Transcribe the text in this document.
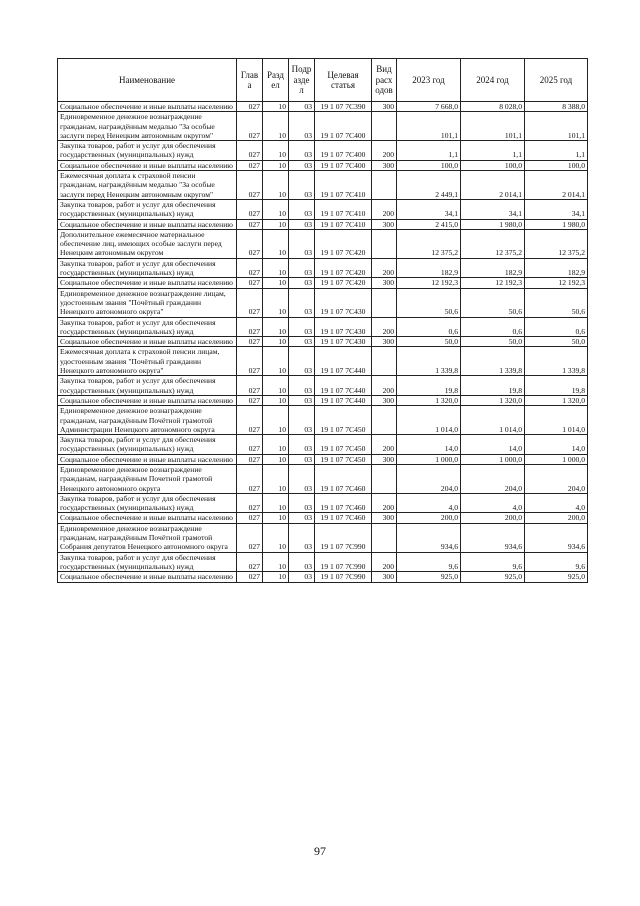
Наименование	Глав а	Разд ел	Подр азде л	Целевая статья	Вид расх одов	2023 год	2024 год	2025 год
Социальное обеспечение и иные выплаты населению	027	10	03	19 1 07 7С390	300	7 668,0	8 028,0	8 388,0
Единовременное денежное вознаграждение гражданам, награждённым медалью "За особые заслуги перед Ненецким автономным округом"	027	10	03	19 1 07 7С400		101,1	101,1	101,1
Закупка товаров, работ и услуг для обеспечения государственных (муниципальных) нужд	027	10	03	19 1 07 7С400	200	1,1	1,1	1,1
Социальное обеспечение и иные выплаты населению	027	10	03	19 1 07 7С400	300	100,0	100,0	100,0
Ежемесячная доплата к страховой пенсии гражданам, награждённым медалью "За особые заслуги перед Ненецким автономным округом"	027	10	03	19 1 07 7С410		2 449,1	2 014,1	2 014,1
Закупка товаров, работ и услуг для обеспечения государственных (муниципальных) нужд	027	10	03	19 1 07 7С410	200	34,1	34,1	34,1
Социальное обеспечение и иные выплаты населению	027	10	03	19 1 07 7С410	300	2 415,0	1 980,0	1 980,0
Дополнительное ежемесячное материальное обеспечение лиц, имеющих особые заслуги перед Ненецким автономным округом	027	10	03	19 1 07 7С420		12 375,2	12 375,2	12 375,2
Закупка товаров, работ и услуг для обеспечения государственных (муниципальных) нужд	027	10	03	19 1 07 7С420	200	182,9	182,9	182,9
Социальное обеспечение и иные выплаты населению	027	10	03	19 1 07 7С420	300	12 192,3	12 192,3	12 192,3
Единовременное денежное вознаграждение лицам, удостоенным звания "Почётный гражданин Ненецкого автономного округа"	027	10	03	19 1 07 7С430		50,6	50,6	50,6
Закупка товаров, работ и услуг для обеспечения государственных (муниципальных) нужд	027	10	03	19 1 07 7С430	200	0,6	0,6	0,6
Социальное обеспечение и иные выплаты населению	027	10	03	19 1 07 7С430	300	50,0	50,0	50,0
Ежемесячная доплата к страховой пенсии лицам, удостоенным звания "Почётный гражданин Ненецкого автономного округа"	027	10	03	19 1 07 7С440		1 339,8	1 339,8	1 339,8
Закупка товаров, работ и услуг для обеспечения государственных (муниципальных) нужд	027	10	03	19 1 07 7С440	200	19,8	19,8	19,8
Социальное обеспечение и иные выплаты населению	027	10	03	19 1 07 7С440	300	1 320,0	1 320,0	1 320,0
Единовременное денежное вознаграждение гражданам, награждённым Почётной грамотой Администрации Ненецкого автономного округа	027	10	03	19 1 07 7С450		1 014,0	1 014,0	1 014,0
Закупка товаров, работ и услуг для обеспечения государственных (муниципальных) нужд	027	10	03	19 1 07 7С450	200	14,0	14,0	14,0
Социальное обеспечение и иные выплаты населению	027	10	03	19 1 07 7С450	300	1 000,0	1 000,0	1 000,0
Единовременное денежное вознаграждение гражданам, награждённым Почетной грамотой Ненецкого автономного округа	027	10	03	19 1 07 7С460		204,0	204,0	204,0
Закупка товаров, работ и услуг для обеспечения государственных (муниципальных) нужд	027	10	03	19 1 07 7С460	200	4,0	4,0	4,0
Социальное обеспечение и иные выплаты населению	027	10	03	19 1 07 7С460	300	200,0	200,0	200,0
Единовременное денежное вознаграждение гражданам, награждённым Почётной грамотой Собрания депутатов Ненецкого автономного округа	027	10	03	19 1 07 7С990		934,6	934,6	934,6
Закупка товаров, работ и услуг для обеспечения государственных (муниципальных) нужд	027	10	03	19 1 07 7С990	200	9,6	9,6	9,6
Социальное обеспечение и иные выплаты населению	027	10	03	19 1 07 7С990	300	925,0	925,0	925,0
97
